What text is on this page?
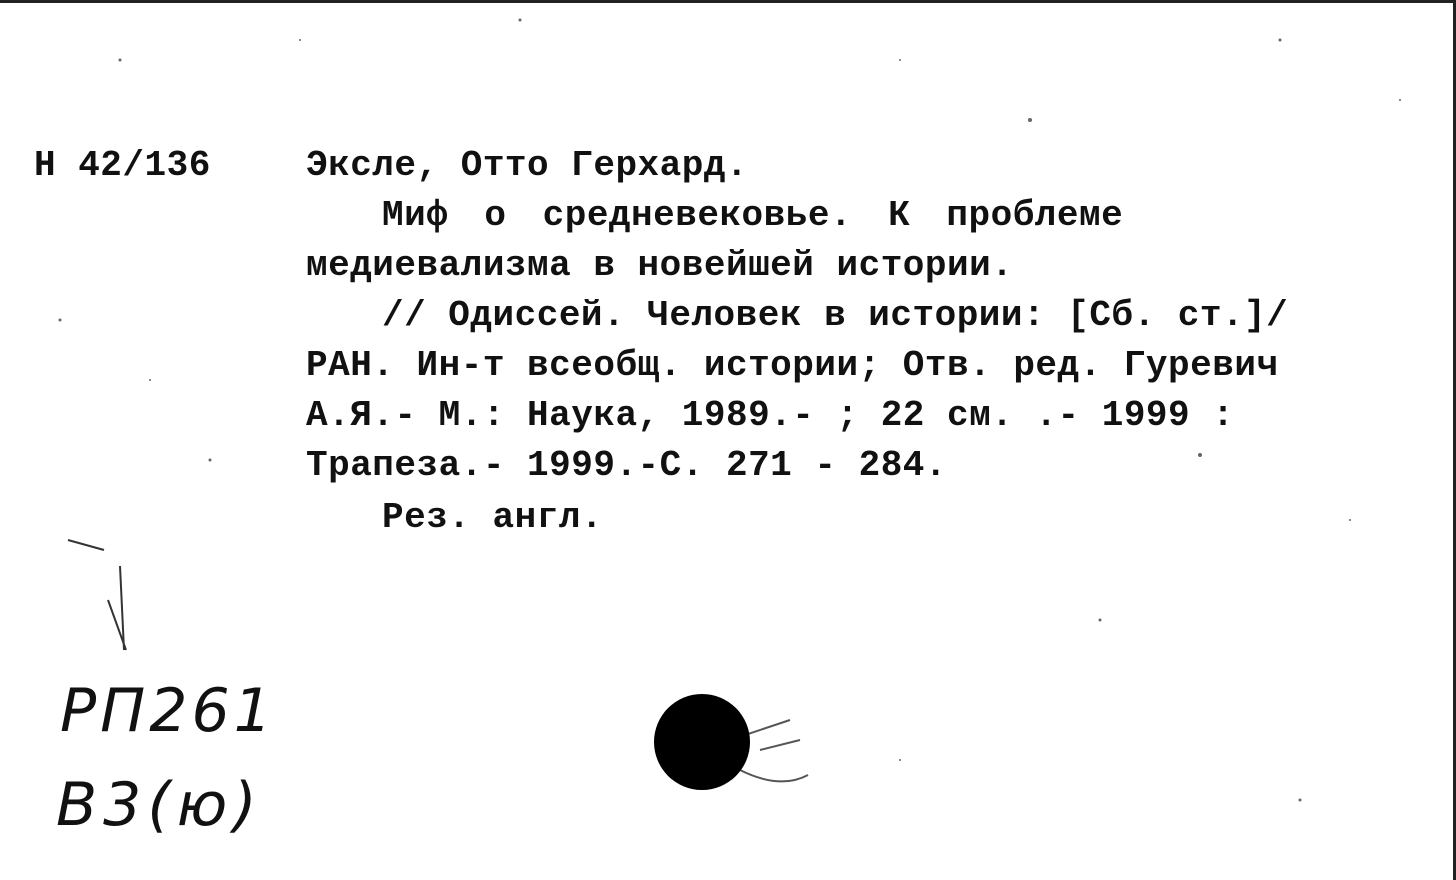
Н 42/136	Эксле, Отто Герхард.
Миф о средневековье. К проблеме
медиевализма в новейшей истории.
// Одиссей. Человек в истории: [Сб. ст.]/
РАН. Ин-т всеобщ. истории; Отв. ред. Гуревич
А.Я.- М.: Наука, 1989.- ; 22 см. .- 1999 :
Трапеза.- 1999.-С. 271 - 284.
Рез. англ.
РП261
В3(ю)
